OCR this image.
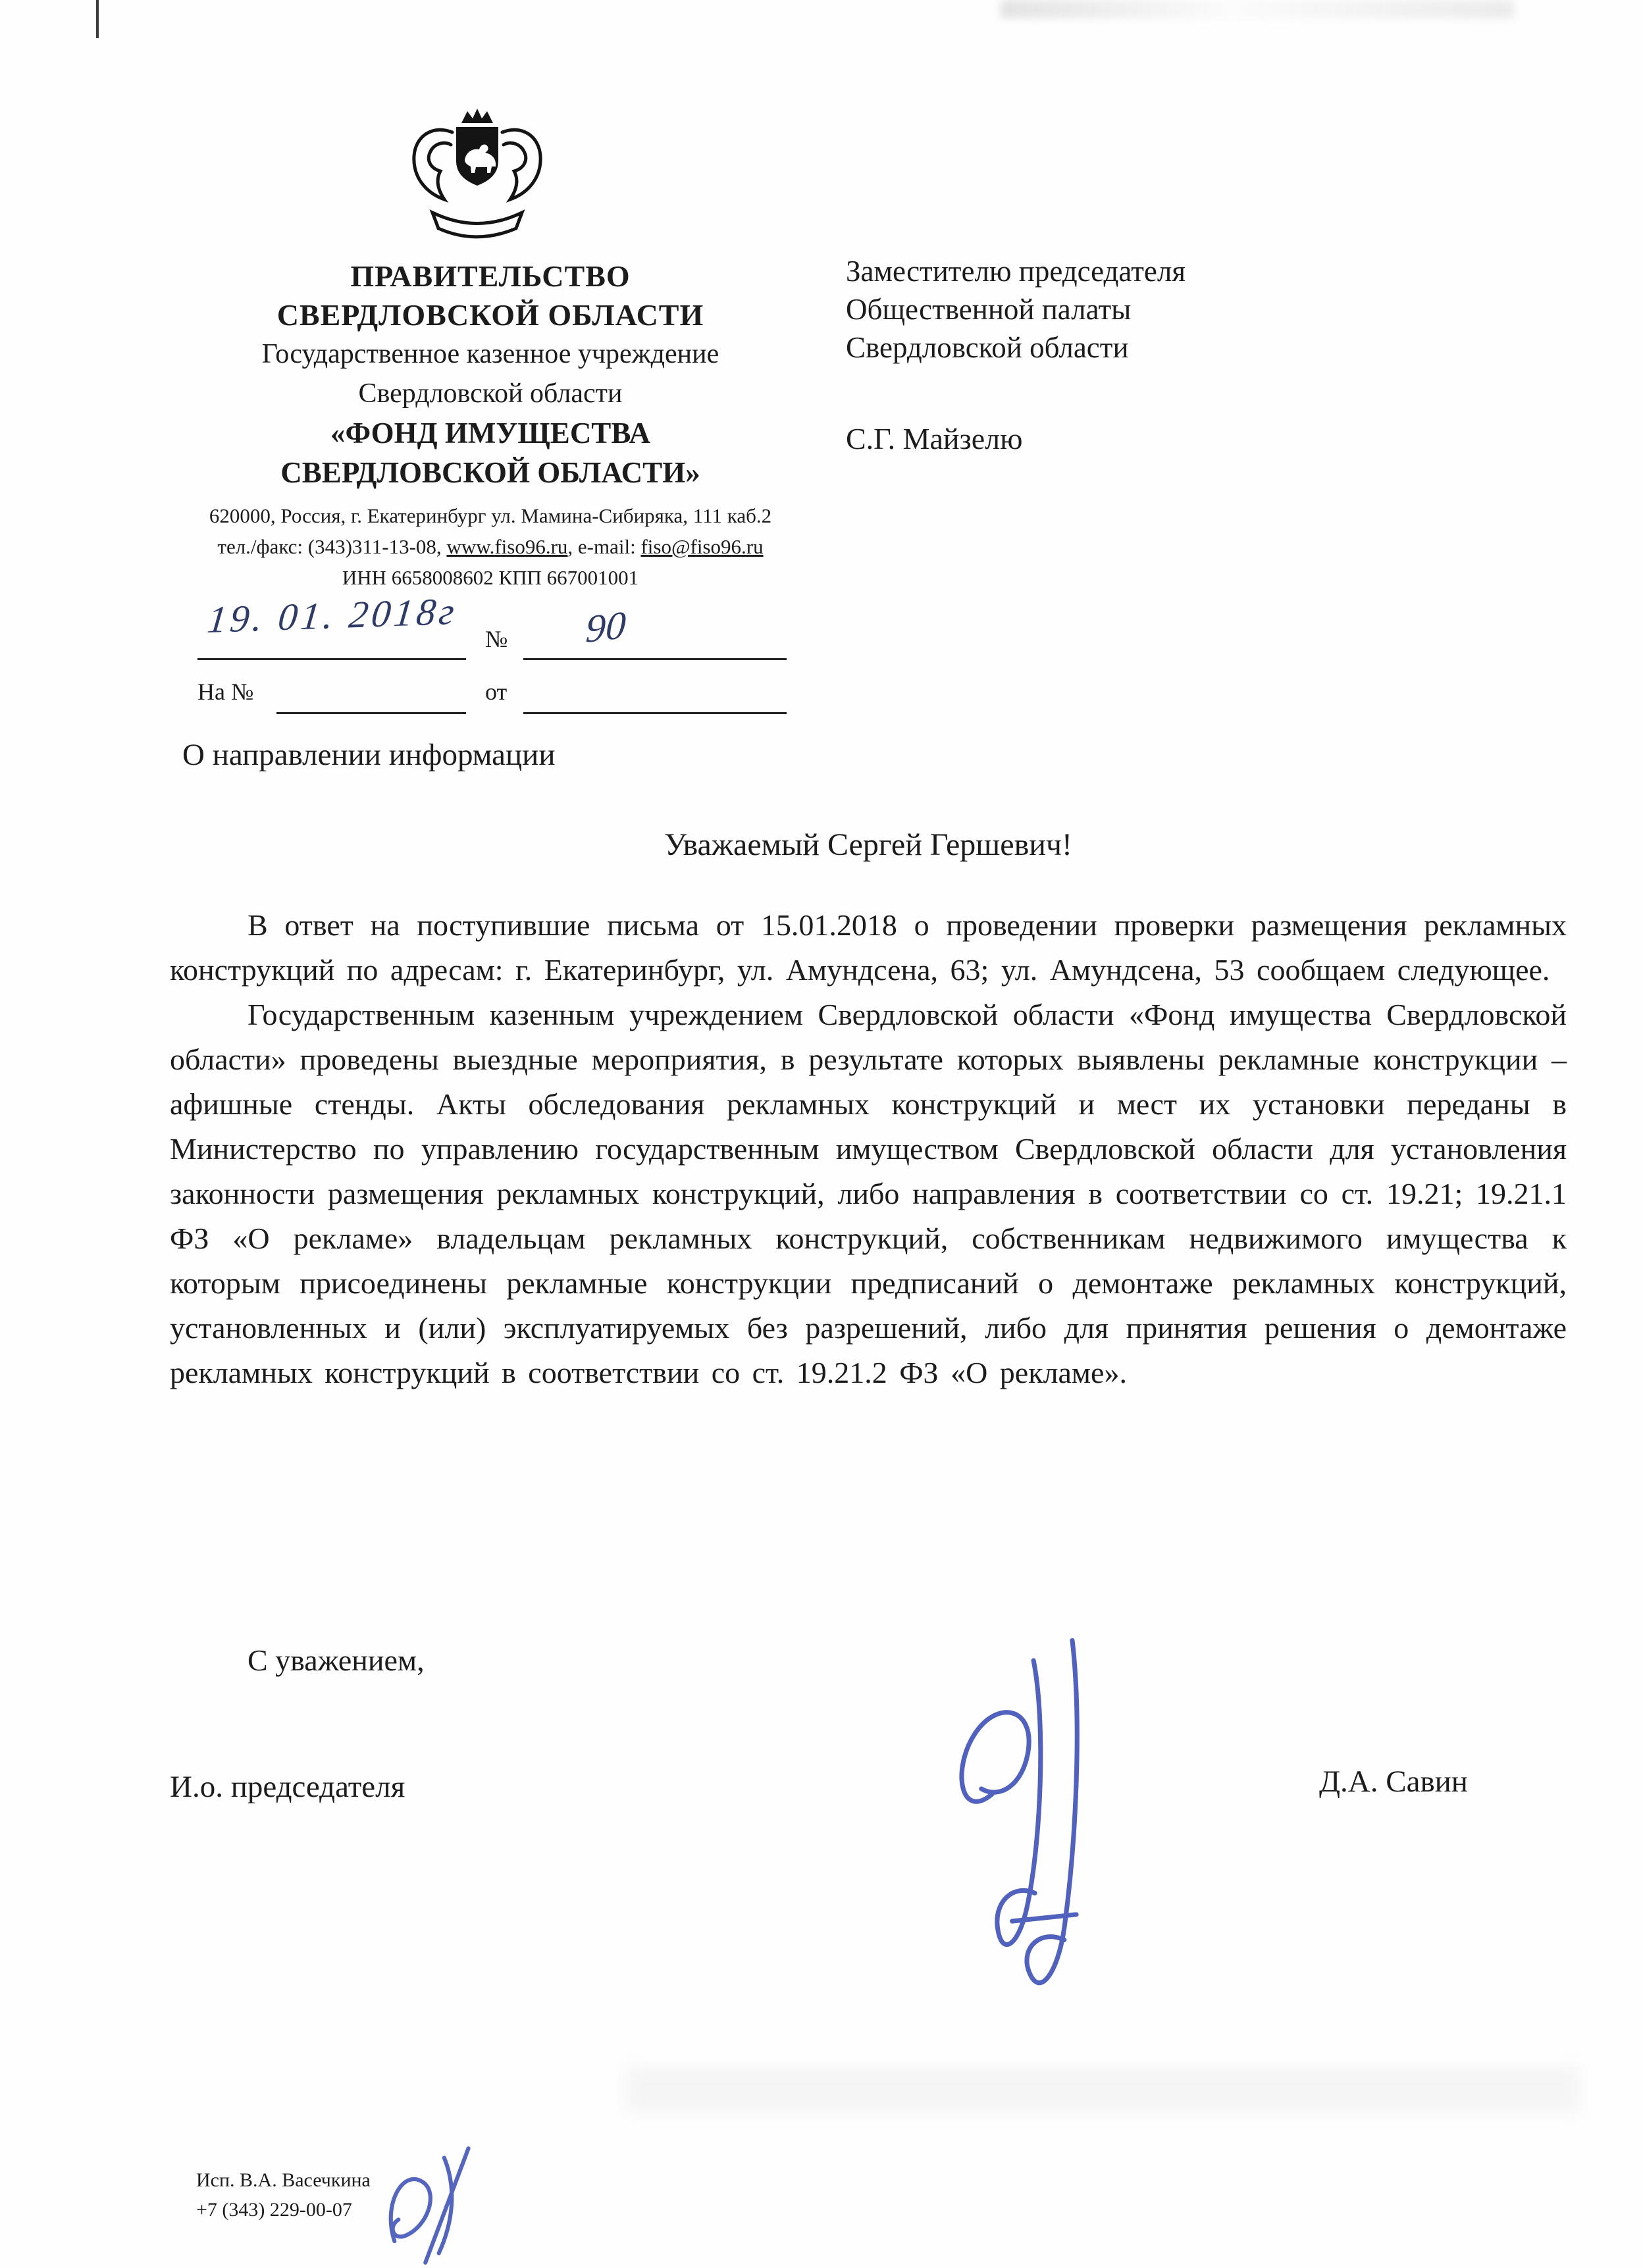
ПРАВИТЕЛЬСТВО
СВЕРДЛОВСКОЙ ОБЛАСТИ
Государственное казенное учреждение
Свердловской области
«ФОНД ИМУЩЕСТВА
СВЕРДЛОВСКОЙ ОБЛАСТИ»
620000, Россия, г. Екатеринбург ул. Мамина-Сибиряка, 111 каб.2
тел./факс: (343)311-13-08, www.fiso96.ru, e-mail: fiso@fiso96.ru
ИНН 6658008602 КПП 667001001
Заместителю председателя
Общественной палаты
Свердловской области
С.Г. Майзелю
19. 01. 2018г № 90
На №	от
О направлении информации
Уважаемый Сергей Гершевич!

В ответ на поступившие письма от 15.01.2018 о проведении проверки размещения рекламных конструкций по адресам: г. Екатеринбург, ул. Амундсена, 63; ул. Амундсена, 53 сообщаем следующее.

Государственным казенным учреждением Свердловской области «Фонд имущества Свердловской области» проведены выездные мероприятия, в результате которых выявлены рекламные конструкции – афишные стенды. Акты обследования рекламных конструкций и мест их установки переданы в Министерство по управлению государственным имуществом Свердловской области для установления законности размещения рекламных конструкций, либо направления в соответствии со ст. 19.21; 19.21.1 ФЗ «О рекламе» владельцам рекламных конструкций, собственникам недвижимого имущества к которым присоединены рекламные конструкции предписаний о демонтаже рекламных конструкций, установленных и (или) эксплуатируемых без разрешений, либо для принятия решения о демонтаже рекламных конструкций в соответствии со ст. 19.21.2 ФЗ «О рекламе».

С уважением,
И.о. председателя	Д.А. Савин
Исп. В.А. Васечкина
+7 (343) 229-00-07
